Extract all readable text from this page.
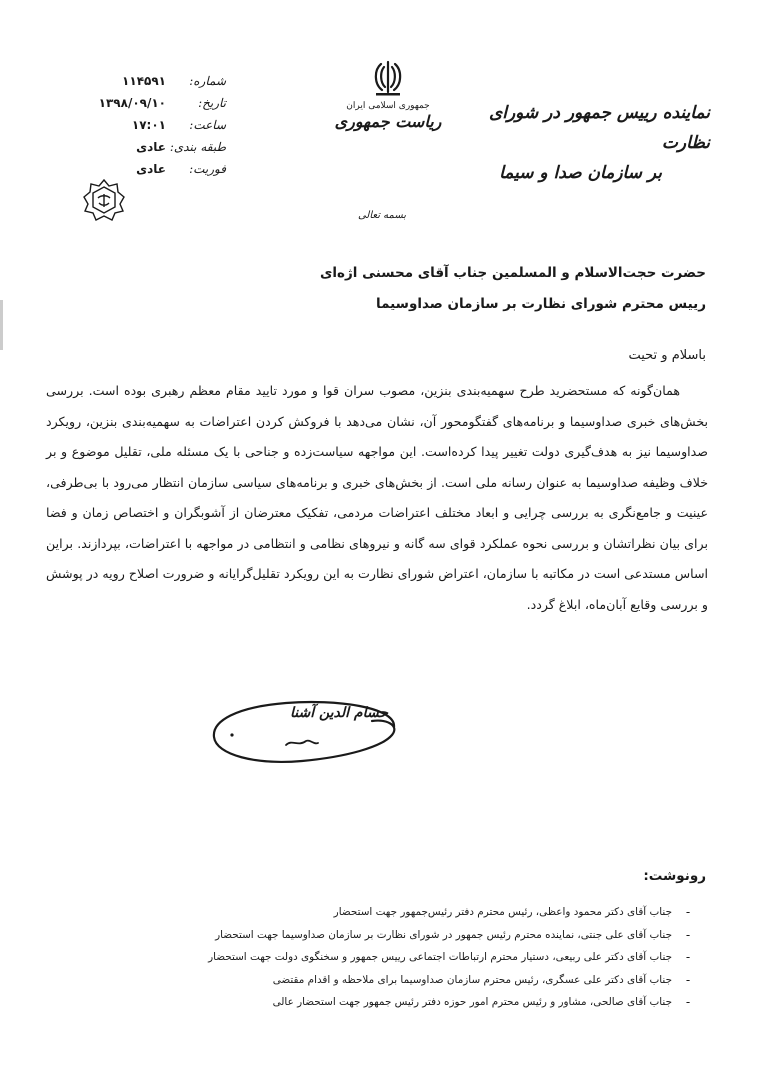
نماینده رییس جمهور در شورای نظارت
بر سازمان صدا و سیما
جمهوری اسلامی ایران
ریاست جمهوری
شماره:
۱۱۴۵۹۱
تاریخ:
۱۳۹۸/۰۹/۱۰
ساعت:
۱۷:۰۱
طبقه بندی:
عادی
فوریت:
عادی
بسمه تعالی
حضرت حجت‌الاسلام و المسلمین جناب آقای محسنی اژه‌ای
رییس محترم شورای نظارت بر سازمان صداوسیما
باسلام و تحیت

همان‌گونه که مستحضرید طرح سهمیه‌بندی بنزین، مصوب سران قوا و مورد تایید مقام معظم رهبری بوده است. بررسی بخش‌های خبری صداوسیما و برنامه‌های گفتگومحور آن، نشان می‌دهد با فروکش کردن اعتراضات به سهمیه‌بندی بنزین، رویکرد صداوسیما نیز به هدف‌گیری دولت تغییر پیدا کرده‌است. این مواجهه سیاست‌زده و جناحی با یک مسئله ملی، تقلیل موضوع و بر خلاف وظیفه صداوسیما به عنوان رسانه ملی است. از بخش‌های خبری و برنامه‌های سیاسی سازمان انتظار می‌رود با بی‌طرفی، عینیت و جامع‌نگری به بررسی چرایی و ابعاد مختلف اعتراضات مردمی، تفکیک معترضان از آشوبگران و اختصاص زمان و فضا برای بیان نظراتشان و بررسی نحوه عملکرد قوای سه گانه و نیروهای نظامی و انتظامی در مواجهه با اعتراضات، بپردازند. براین اساس مستدعی است در مکاتبه با سازمان، اعتراض شورای نظارت به این رویکرد تقلیل‌گرایانه و ضرورت اصلاح رویه در پوشش و بررسی وقایع آبان‌ماه، ابلاغ گردد.

حسام الدین آشنا
رونوشت:
-
-
-
-
-
جناب آقای دکتر محمود واعظی، رئیس محترم دفتر رئیس‌جمهور جهت استحضار
جناب آقای علی جنتی، نماینده محترم رئیس جمهور در شورای نظارت بر سازمان صداوسیما جهت استحضار
جناب آقای دکتر علی ربیعی، دستیار محترم ارتباطات اجتماعی رییس جمهور و سخنگوی دولت جهت استحضار
جناب آقای دکتر علی عسگری، رئیس محترم سازمان صداوسیما برای ملاحظه و اقدام مقتضی
جناب آقای صالحی، مشاور و رئیس محترم امور حوزه دفتر رئیس جمهور جهت استحضار عالی
